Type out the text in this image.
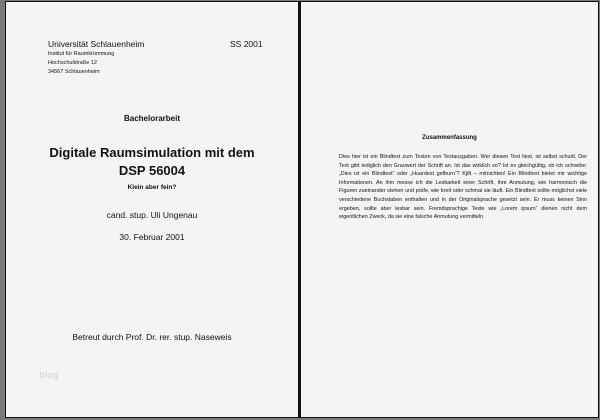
Universität Schlauenheim	SS 2001
Institut für Raumkrümmung
Hochschulstraße 12
34567 Schlauenheim
Bachelorarbeit
Digitale Raumsimulation mit dem
DSP 56004
Klein aber fein?
cand. stup. Uli Ungenau
30. Februar 2001
Betreut durch Prof. Dr. rer. stup. Naseweis
blog
Zusammenfassung
Dies hier ist ein Blindtext zum Testen von Textausgaben. Wer diesen Text liest, ist selbst schuld. Der Text gibt lediglich den Grauwert der Schrift an. Ist das wirklich so? Ist es gleichgültig, ob ich schreibe: „Dies ist ein Blindtext“ oder „Huardest gefburn“? Kjift – mitnichten! Ein Blindtext bietet mir wichtige Informationen. An ihm messe ich die Lesbarkeit einer Schrift, ihre Anmutung, wie harmonisch die Figuren zueinander stehen und prüfe, wie breit oder schmal sie läuft. Ein Blindtext sollte möglichst viele verschiedene Buchstaben enthalten und in der Originalsprache gesetzt sein. Er muss keinen Sinn ergeben, sollte aber lesbar sein. Fremdsprachige Texte wie „Lorem ipsum“ dienen nicht dem eigentlichen Zweck, da sie eine falsche Anmutung vermitteln.
